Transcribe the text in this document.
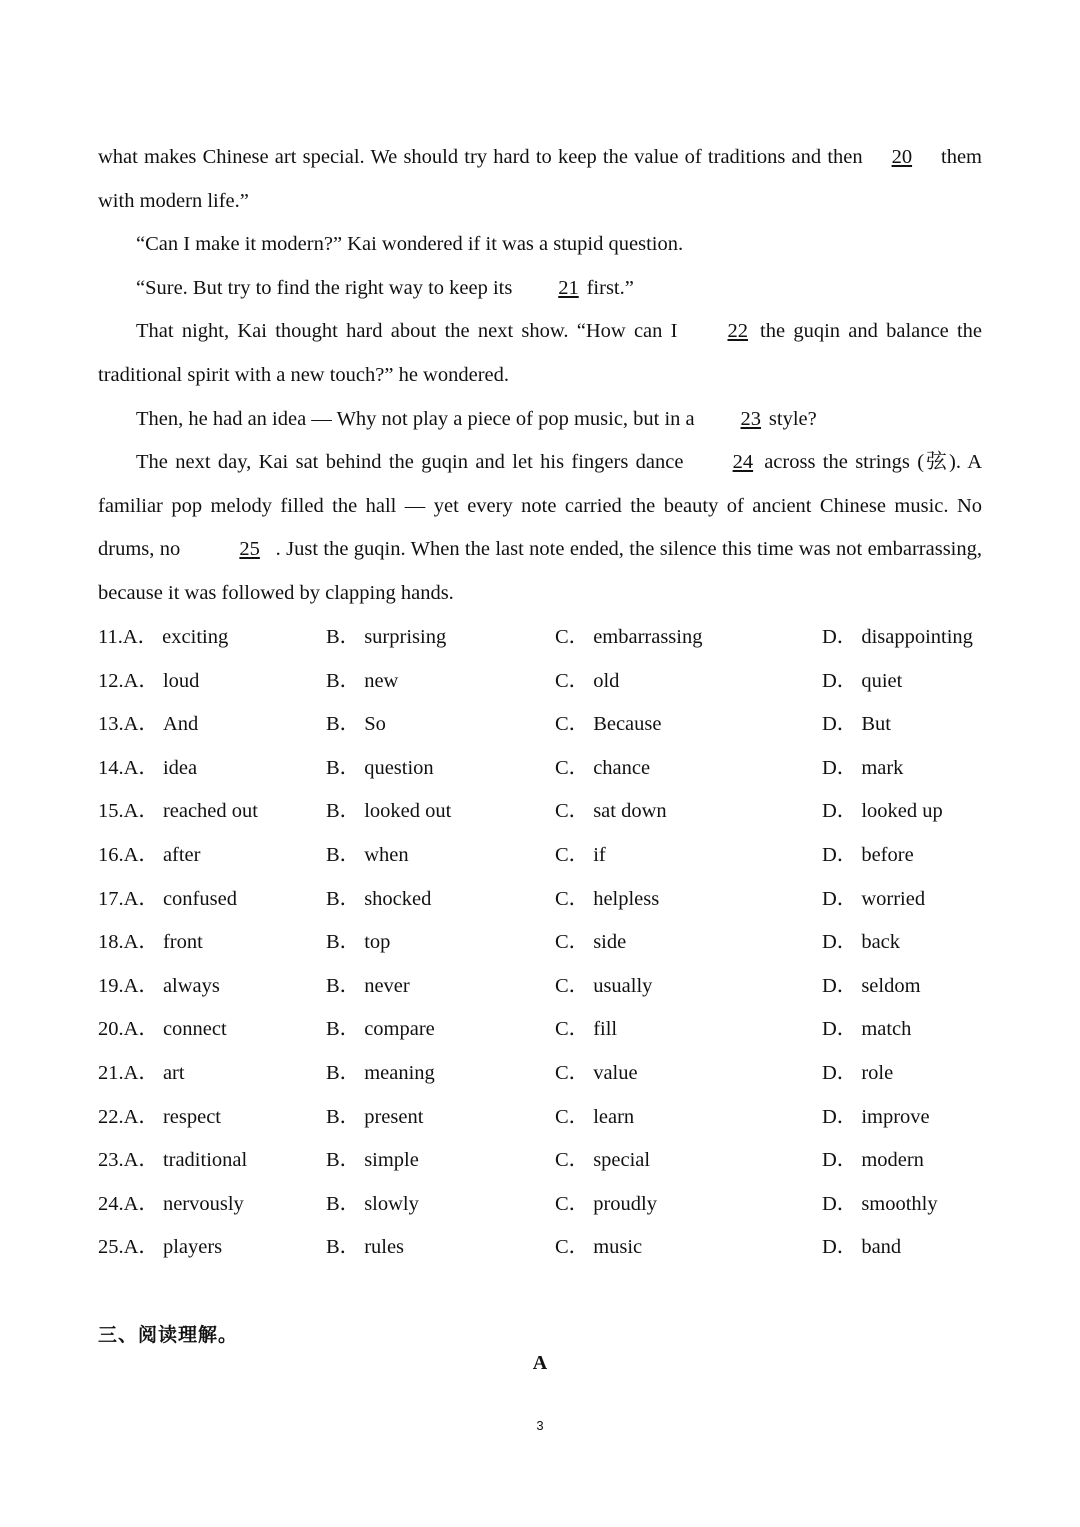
what makes Chinese art special. We should try hard to keep the value of traditions and then 20 them with modern life.”

“Can I make it modern?” Kai wondered if it was a stupid question.

“Sure. But try to find the right way to keep its 21 first.”

That night, Kai thought hard about the next show. “How can I 22 the guqin and balance the traditional spirit with a new touch?” he wondered.

Then, he had an idea — Why not play a piece of pop music, but in a 23 style?

The next day, Kai sat behind the guqin and let his fingers dance 24 across the strings (弦). A familiar pop melody filled the hall — yet every note carried the beauty of ancient Chinese music. No drums, no	25 . Just the guqin. When the last note ended, the silence this time was not embarrassing, because it was followed by clapping hands.

11.A． exciting	B． surprising	C． embarrassing	D． disappointing
12.A． loud	B． new	C． old	D． quiet
13.A． And	B． So	C． Because	D． But
14.A． idea	B． question	C． chance	D． mark
15.A． reached out	B． looked out	C． sat down	D． looked up
16.A． after	B． when	C． if	D． before
17.A． confused	B． shocked	C． helpless	D． worried
18.A． front	B． top	C． side	D． back
19.A． always	B． never	C． usually	D． seldom
20.A． connect	B． compare	C． fill	D． match
21.A． art	B． meaning	C． value	D． role
22.A． respect	B． present	C． learn	D． improve
23.A． traditional	B． simple	C． special	D． modern
24.A． nervously	B． slowly	C． proudly	D． smoothly
25.A． players	B． rules	C． music	D． band
三、阅读理解。
A
3
